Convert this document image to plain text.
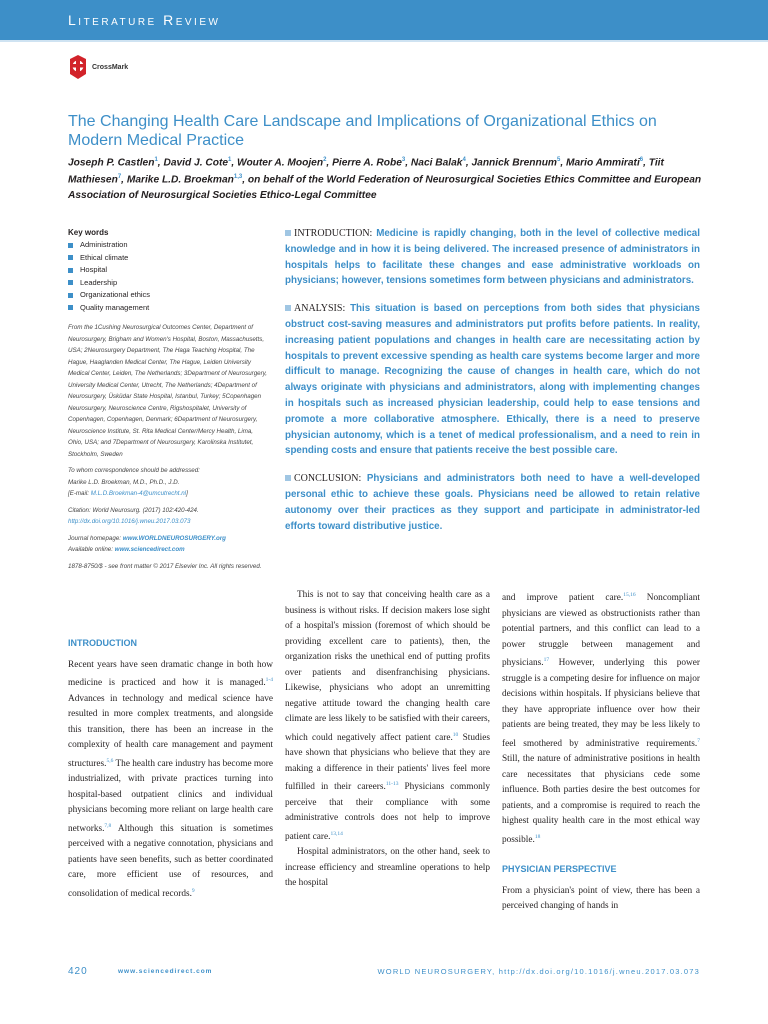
Literature Review
CrossMark
The Changing Health Care Landscape and Implications of Organizational Ethics on Modern Medical Practice
Joseph P. Castlen$^1$, David J. Cote$^1$, Wouter A. Moojen$^2$, Pierre A. Robe$^3$, Naci Balak$^4$, Jannick Brennum$^5$, Mario Ammirati$^6$, Tiit Mathiesen$^7$, Marike L.D. Broekman$^{1,3}$, on behalf of the World Federation of Neurosurgical Societies Ethics Committee and European Association of Neurosurgical Societies Ethico-Legal Committee
Key words
Administration
Ethical climate
Hospital
Leadership
Organizational ethics
Quality management

From the 1Cushing Neurosurgical Outcomes Center, Department of Neurosurgery, Brigham and Women's Hospital, Boston, Massachusetts, USA; 2Neurosurgery Department, The Haga Teaching Hospital, The Hague, Haaglanden Medical Center, The Hague, Leiden University Medical Center, Leiden, The Netherlands; 3Department of Neurosurgery, University Medical Center, Utrecht, The Netherlands; 4Department of Neurosurgery, Üsküdar State Hospital, Istanbul, Turkey; 5Copenhagen Neurosurgery, Neuroscience Centre, Rigshospitalet, University of Copenhagen, Copenhagen, Denmark; 6Department of Neurosurgery, Neuroscience Institute, St. Rita Medical Center/Mercy Health, Lima, Ohio, USA; and 7Department of Neurosurgery, Karolinska Institutet, Stockholm, Sweden

To whom correspondence should be addressed:
Marike L.D. Broekman, M.D., Ph.D., J.D.
[E-mail: M.L.D.Broekman-4@umcutrecht.nl]

Citation: World Neurosurg. (2017) 102:420-424.
http://dx.doi.org/10.1016/j.wneu.2017.03.073

Journal homepage: www.WORLDNEUROSURGERY.org
Available online: www.sciencedirect.com

1878-8750/$ - see front matter © 2017 Elsevier Inc. All rights reserved.

INTRODUCTION: Medicine is rapidly changing, both in the level of collective medical knowledge and in how it is being delivered. The increased presence of administrators in hospitals helps to facilitate these changes and ease administrative workloads on physicians; however, tensions sometimes form between physicians and administrators.

ANALYSIS: This situation is based on perceptions from both sides that physicians obstruct cost-saving measures and administrators put profits before patients. In reality, increasing patient populations and changes in health care are necessitating action by hospitals to prevent excessive spending as health care systems become larger and more difficult to manage. Recognizing the cause of changes in health care, which do not always originate with physicians and administrators, along with implementing changes in hospitals such as increased physician leadership, could help to ease tensions and promote a more collaborative atmosphere. Ethically, there is a need to preserve physician autonomy, which is a tenet of medical professionalism, and a need to rein in spending costs and ensure that patients receive the best possible care.

CONCLUSION: Physicians and administrators both need to have a well-developed personal ethic to achieve these goals. Physicians need be allowed to retain relative autonomy over their practices as they support and participate in administrator-led efforts toward distributive justice.

INTRODUCTION

Recent years have seen dramatic change in both how medicine is practiced and how it is managed.$^{1-4}$ Advances in technology and medical science have resulted in more complex treatments, and alongside this transition, there has been an increase in the complexity of health care management and payment structures.$^{5,6}$ The health care industry has become more industrialized, with private practices turning into hospital-based outpatient clinics and individual physicians becoming more reliant on large health care networks.$^{7,8}$ Although this situation is sometimes perceived with a negative connotation, physicians and patients have seen benefits, such as better coordinated care, more efficient use of resources, and consolidation of medical records.$^9$

This is not to say that conceiving health care as a business is without risks. If decision makers lose sight of a hospital's mission (foremost of which should be providing excellent care to patients), then, the organization risks the unethical end of putting profits over patients and disenfranchising physicians. Likewise, physicians who adopt an unremitting negative attitude toward the changing health care climate are less likely to be satisfied with their careers, which could negatively affect patient care.$^{10}$ Studies have shown that physicians who believe that they are making a difference in their patients' lives feel more fulfilled in their careers.$^{11-13}$ Physicians commonly perceive that their compliance with some administrative controls does not help to improve patient care.$^{13,14}$

Hospital administrators, on the other hand, seek to increase efficiency and streamline operations to help the hospital

and improve patient care.$^{15,16}$ Noncompliant physicians are viewed as obstructionists rather than potential partners, and this conflict can lead to a power struggle between management and physicians.$^{17}$ However, underlying this power struggle is a competing desire for influence on major decisions within hospitals. If physicians believe that they have appropriate influence over how their patients are being treated, they may be less likely to feel smothered by administrative requirements.$^7$ Still, the nature of administrative positions in health care necessitates that physicians cede some influence. Both parties desire the best outcomes for patients, and a compromise is required to reach the highest quality health care in the most ethical way possible.$^{18}$

PHYSICIAN PERSPECTIVE

From a physician's point of view, there has been a perceived changing of hands in

420	www.sciencedirect.com	WORLD NEUROSURGERY, http://dx.doi.org/10.1016/j.wneu.2017.03.073
